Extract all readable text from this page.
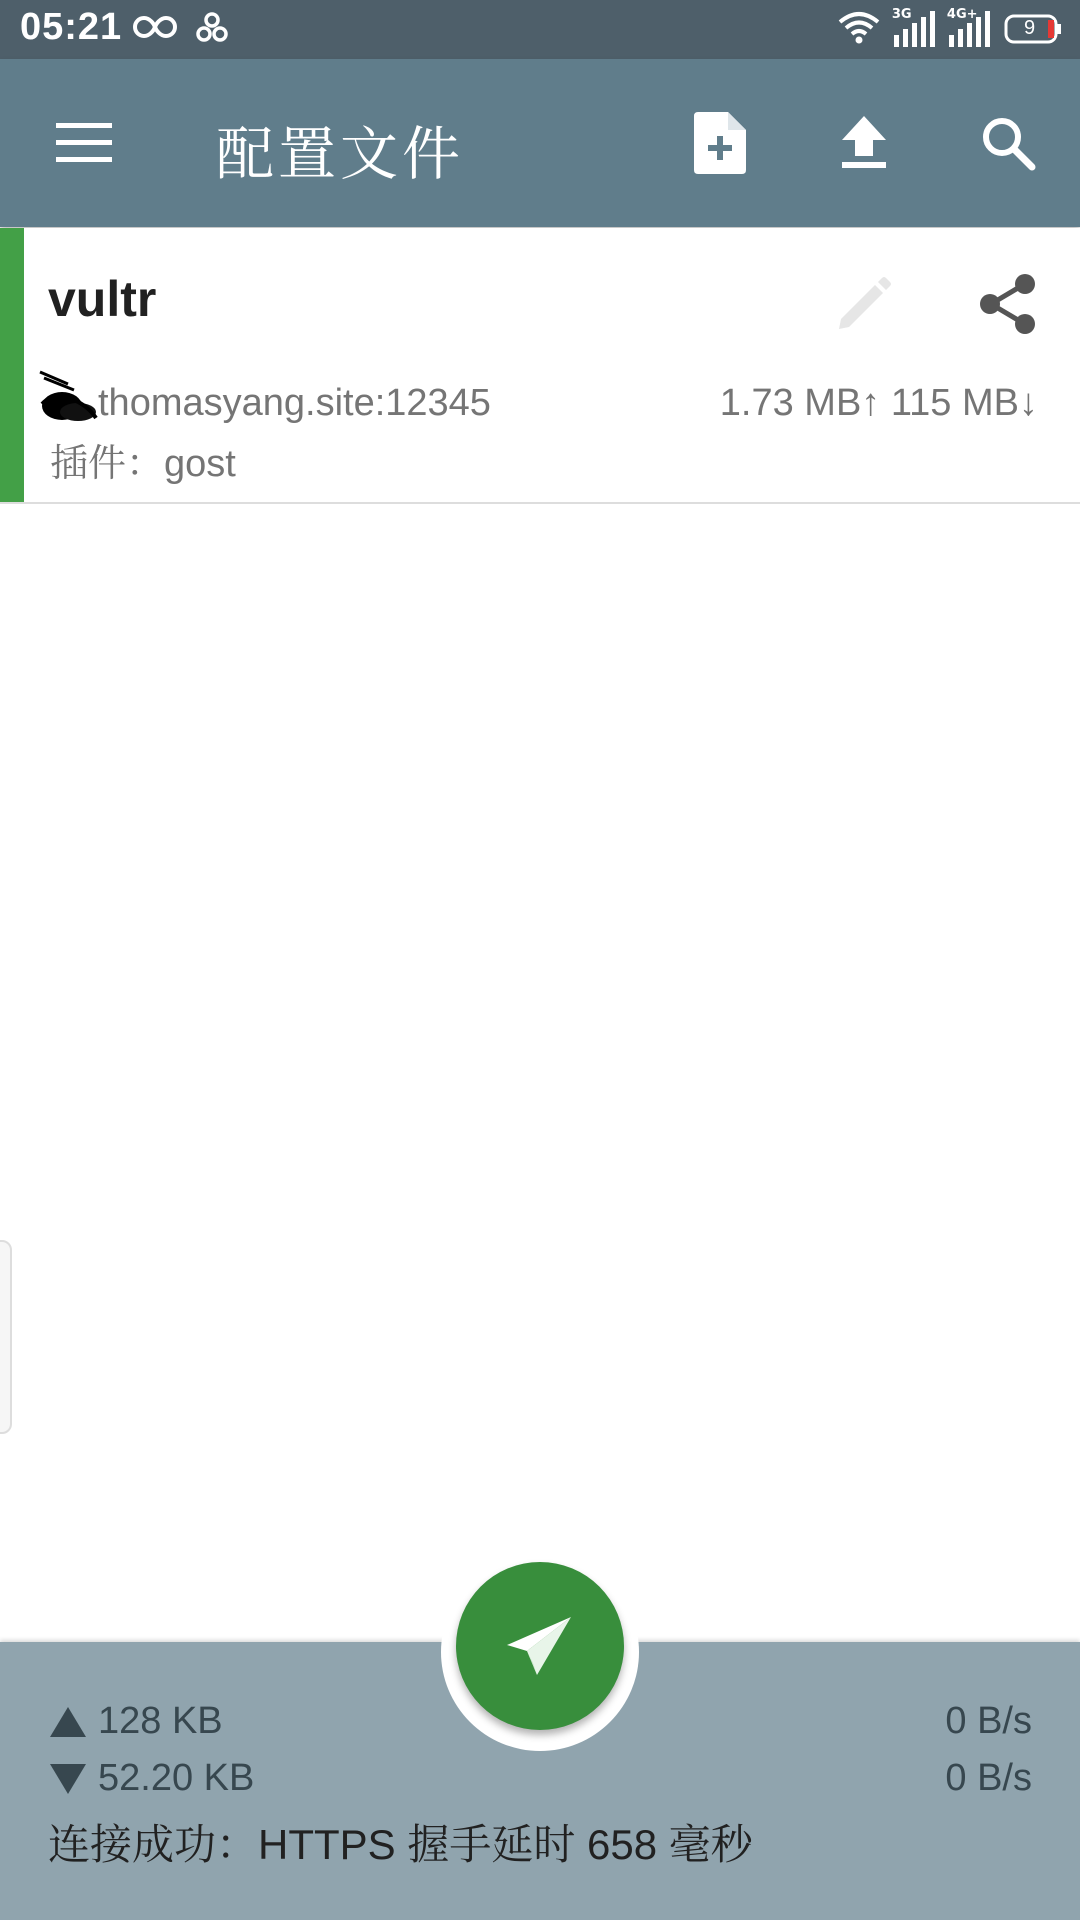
05:21

	3G
	4G+

9
配置文件
vultr
thomasyang.site:12345	1.73 MB↑ 115 MB↓
插件：gost
128 KB	0 B/s
52.20 KB	0 B/s
连接成功：HTTPS 握手延时 658 毫秒
